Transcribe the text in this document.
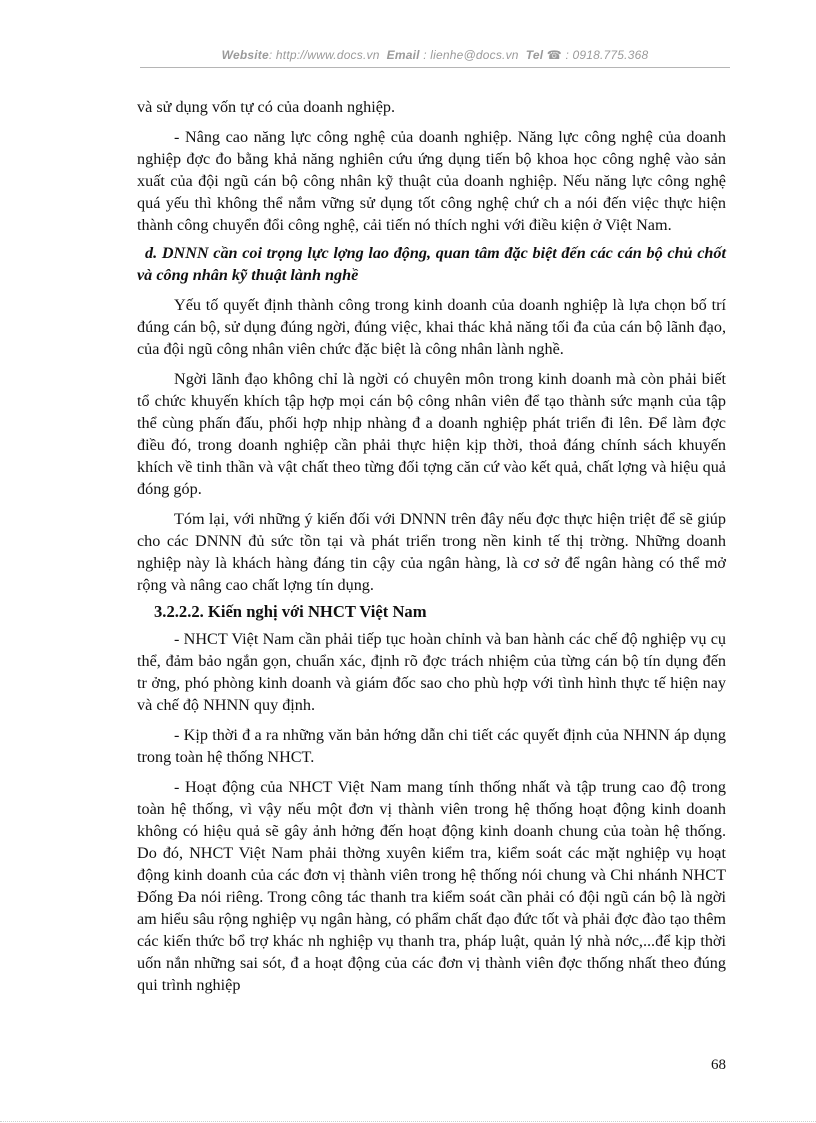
Website: http://www.docs.vn Email : lienhe@docs.vn Tel ☎ : 0918.775.368

và sử dụng vốn tự có của doanh nghiệp.

- Nâng cao năng lực công nghệ của doanh nghiệp. Năng lực công nghệ của doanh nghiệp đợc đo bằng khả năng nghiên cứu ứng dụng tiến bộ khoa học công nghệ vào sản xuất của đội ngũ cán bộ công nhân kỹ thuật của doanh nghiệp. Nếu năng lực công nghệ quá yếu thì không thể nắm vững sử dụng tốt công nghệ chứ ch a nói đến việc thực hiện thành công chuyển đổi công nghệ, cải tiến nó thích nghi với điều kiện ở Việt Nam.

d. DNNN cần coi trọng lực lợng lao động, quan tâm đặc biệt đến các cán bộ chủ chốt và công nhân kỹ thuật lành nghề

Yếu tố quyết định thành công trong kinh doanh của doanh nghiệp là lựa chọn bố trí đúng cán bộ, sử dụng đúng ngời, đúng việc, khai thác khả năng tối đa của cán bộ lãnh đạo, của đội ngũ công nhân viên chức đặc biệt là công nhân lành nghề.

Ngời lãnh đạo không chỉ là ngời có chuyên môn trong kinh doanh mà còn phải biết tổ chức khuyến khích tập hợp mọi cán bộ công nhân viên để tạo thành sức mạnh của tập thể cùng phấn đấu, phối hợp nhịp nhàng đ a doanh nghiệp phát triển đi lên. Để làm đợc điều đó, trong doanh nghiệp cần phải thực hiện kịp thời, thoả đáng chính sách khuyến khích về tinh thần và vật chất theo từng đối tợng căn cứ vào kết quả, chất lợng và hiệu quả đóng góp.

Tóm lại, với những ý kiến đối với DNNN trên đây nếu đợc thực hiện triệt để sẽ giúp cho các DNNN đủ sức tồn tại và phát triển trong nền kinh tế thị trờng. Những doanh nghiệp này là khách hàng đáng tin cậy của ngân hàng, là cơ sở để ngân hàng có thể mở rộng và nâng cao chất lợng tín dụng.

3.2.2.2. Kiến nghị với NHCT Việt Nam

- NHCT Việt Nam cần phải tiếp tục hoàn chỉnh và ban hành các chế độ nghiệp vụ cụ thể, đảm bảo ngắn gọn, chuẩn xác, định rõ đợc trách nhiệm của từng cán bộ tín dụng đến tr ởng, phó phòng kinh doanh và giám đốc sao cho phù hợp với tình hình thực tế hiện nay và chế độ NHNN quy định.

- Kịp thời đ a ra những văn bản hớng dẫn chi tiết các quyết định của NHNN áp dụng trong toàn hệ thống NHCT.

- Hoạt động của NHCT Việt Nam mang tính thống nhất và tập trung cao độ trong toàn hệ thống, vì vậy nếu một đơn vị thành viên trong hệ thống hoạt động kinh doanh không có hiệu quả sẽ gây ảnh hởng đến hoạt động kinh doanh chung của toàn hệ thống. Do đó, NHCT Việt Nam phải thờng xuyên kiểm tra, kiểm soát các mặt nghiệp vụ hoạt động kinh doanh của các đơn vị thành viên trong hệ thống nói chung và Chi nhánh NHCT Đống Đa nói riêng. Trong công tác thanh tra kiểm soát cần phải có đội ngũ cán bộ là ngời am hiểu sâu rộng nghiệp vụ ngân hàng, có phẩm chất đạo đức tốt và phải đợc đào tạo thêm các kiến thức bổ trợ khác nh nghiệp vụ thanh tra, pháp luật, quản lý nhà nớc,...để kịp thời uốn nắn những sai sót, đ a hoạt động của các đơn vị thành viên đợc thống nhất theo đúng qui trình nghiệp

68
